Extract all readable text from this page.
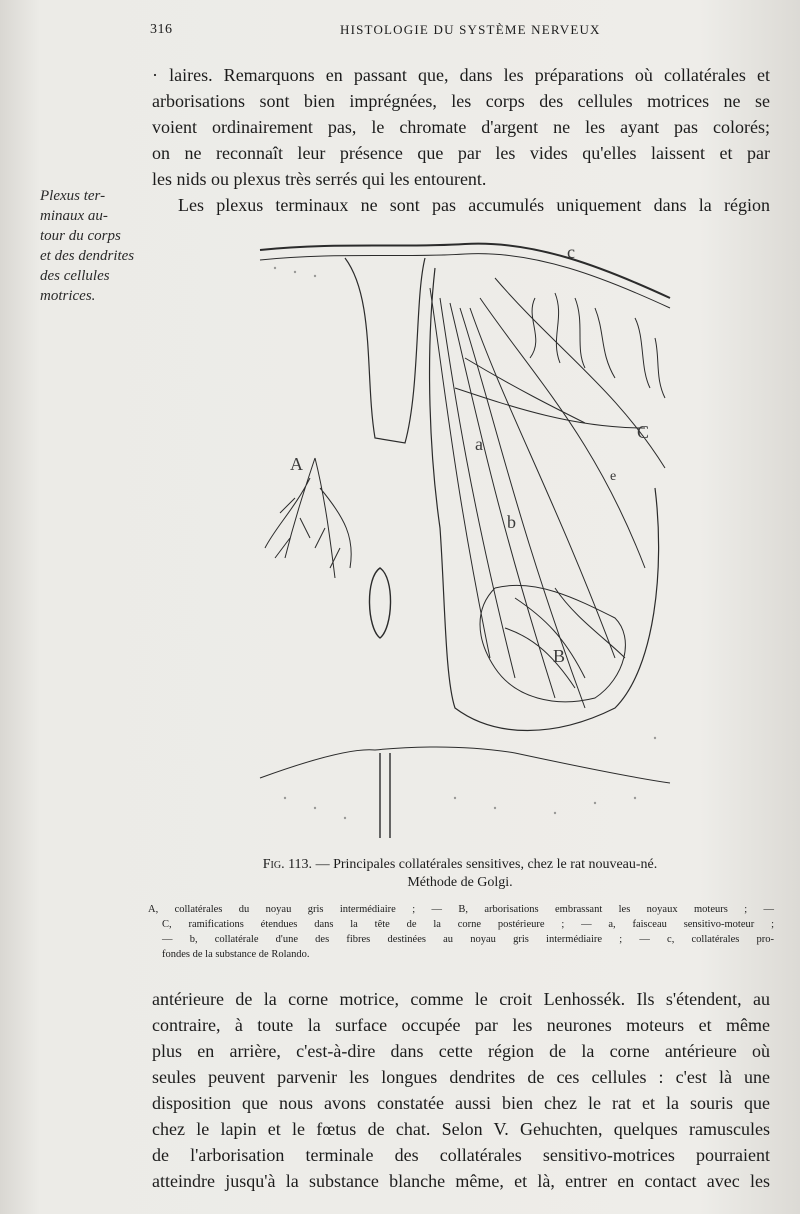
316	HISTOLOGIE DU SYSTÈME NERVEUX
Plexus ter-
minaux au-
tour du corps
et des dendrites
des cellules
motrices.
· laires. Remarquons en passant que, dans les préparations où collatérales et
arborisations sont bien imprégnées, les corps des cellules motrices ne se
voient ordinairement pas, le chromate d'argent ne les ayant pas colorés;
on ne reconnaît leur présence que par les vides qu'elles laissent et par
les nids ou plexus très serrés qui les entourent.
Les plexus terminaux ne sont pas accumulés uniquement dans la région
c
C
a
A
b
B
e
Fig. 113. — Principales collatérales sensitives, chez le rat nouveau-né.
Méthode de Golgi.
A, collatérales du noyau gris intermédiaire ; — B, arborisations embrassant les noyaux moteurs ; —
C, ramifications étendues dans la tête de la corne postérieure ; — a, faisceau sensitivo-moteur ;
— b, collatérale d'une des fibres destinées au noyau gris intermédiaire ; — c, collatérales pro-
fondes de la substance de Rolando.
antérieure de la corne motrice, comme le croit Lenhossék. Ils s'étendent, au
contraire, à toute la surface occupée par les neurones moteurs et même
plus en arrière, c'est-à-dire dans cette région de la corne antérieure où
seules peuvent parvenir les longues dendrites de ces cellules : c'est là une
disposition que nous avons constatée aussi bien chez le rat et la souris que
chez le lapin et le fœtus de chat. Selon V. Gehuchten, quelques ramuscules
de l'arborisation terminale des collatérales sensitivo-motrices pourraient
atteindre jusqu'à la substance blanche même, et là, entrer en contact avec les
